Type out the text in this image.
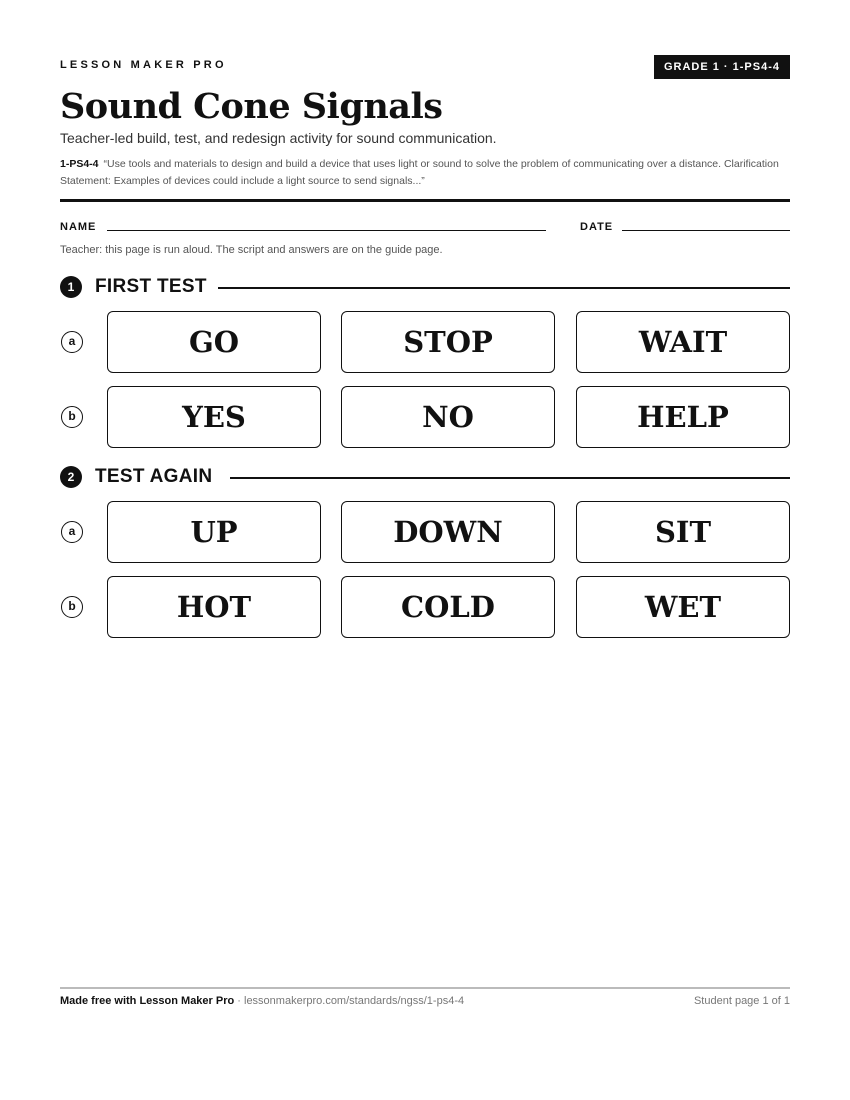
LESSON MAKER PRO	GRADE 1 · 1-PS4-4
Sound Cone Signals
Teacher-led build, test, and redesign activity for sound communication.
1-PS4-4 “Use tools and materials to design and build a device that uses light or sound to solve the problem of communicating over a distance. Clarification Statement: Examples of devices could include a light source to send signals...”
NAME	DATE
Teacher: this page is run aloud. The script and answers are on the guide page.
1	FIRST TEST
a	GO	STOP	WAIT
b	YES	NO	HELP
2	TEST AGAIN
a	UP	DOWN	SIT
b	HOT	COLD	WET
Made free with Lesson Maker Pro · lessonmakerpro.com/standards/ngss/1-ps4-4	Student page 1 of 1
